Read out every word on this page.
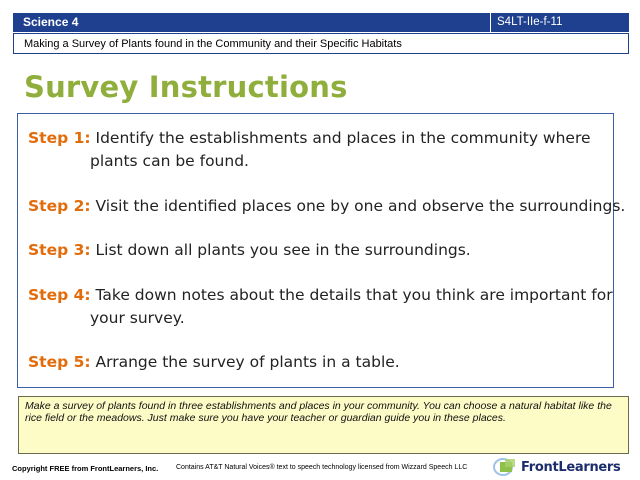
Science 4	S4LT-IIe-f-11
Making a Survey of Plants found in the Community and their Specific Habitats
Survey Instructions
Step 1: Identify the establishments and places in the community where
plants can be found.
Step 2: Visit the identified places one by one and observe the surroundings.
Step 3: List down all plants you see in the surroundings.
Step 4: Take down notes about the details that you think are important for
your survey.
Step 5: Arrange the survey of plants in a table.

Make a survey of plants found in three establishments and places in your community. You can choose a natural habitat like the rice field or the meadows. Just make sure you have your teacher or guardian guide you in these places.

Copyright FREE from FrontLearners, Inc.	Contains AT&T Natural Voices® text to speech technology licensed from Wizzard Speech LLC	FrontLearners
